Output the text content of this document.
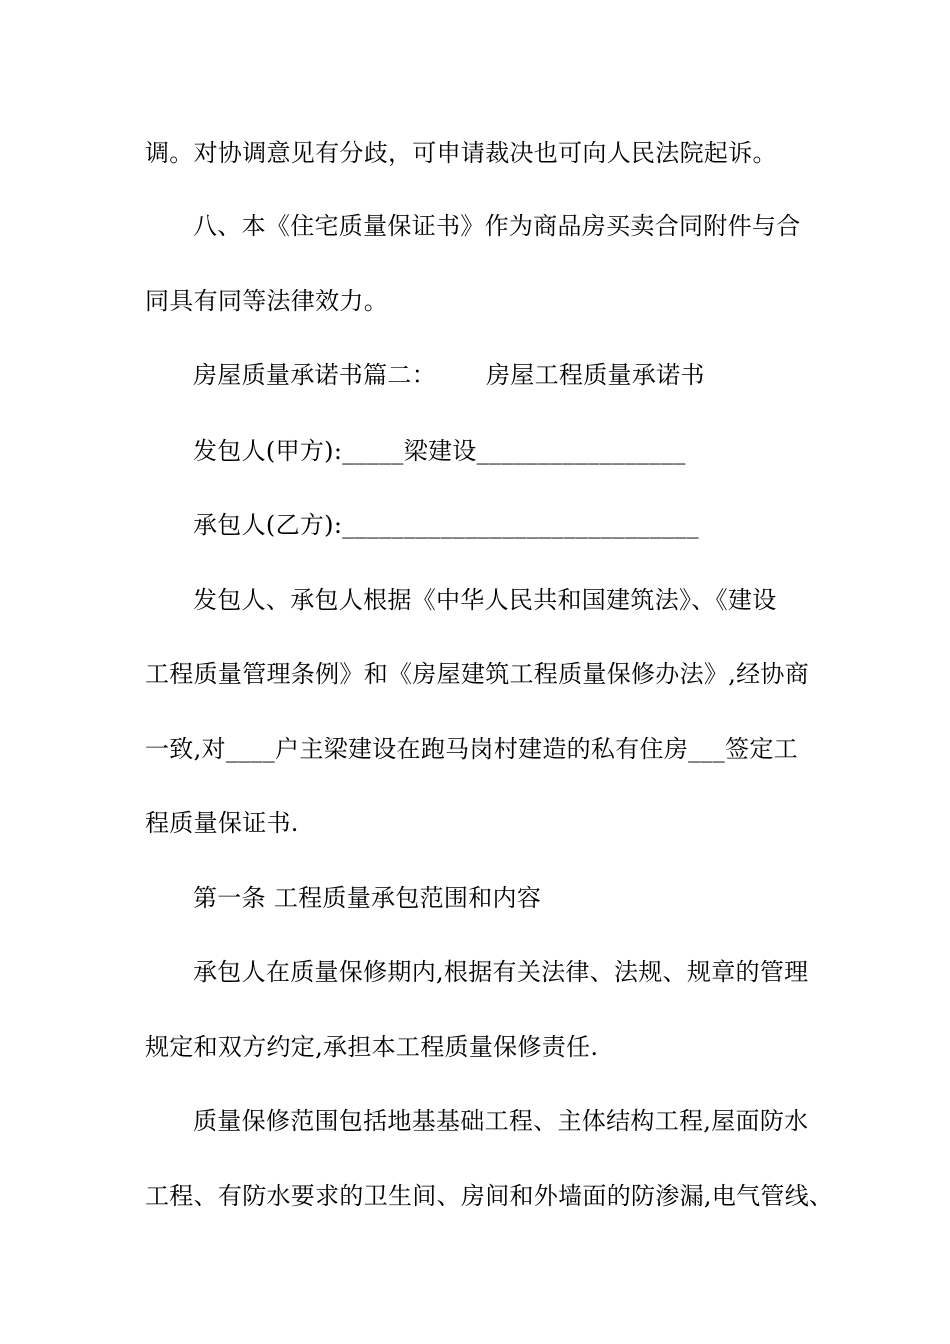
调。对协调意见有分歧，可申请裁决也可向人民法院起诉。
八、本《住宅质量保证书》作为商品房买卖合同附件与合
同具有同等法律效力。
房屋质量承诺书篇二： 房屋工程质量承诺书
发包人(甲方):_____梁建设_________________
承包人(乙方):_____________________________
发包人、承包人根据《中华人民共和国建筑法》、《建设
工程质量管理条例》和《房屋建筑工程质量保修办法》,经协商
一致,对____户主梁建设在跑马岗村建造的私有住房___签定工
程质量保证书.
第一条 工程质量承包范围和内容
承包人在质量保修期内,根据有关法律、法规、规章的管理
规定和双方约定,承担本工程质量保修责任.
质量保修范围包括地基基础工程、主体结构工程,屋面防水
工程、有防水要求的卫生间、房间和外墙面的防渗漏,电气管线、
